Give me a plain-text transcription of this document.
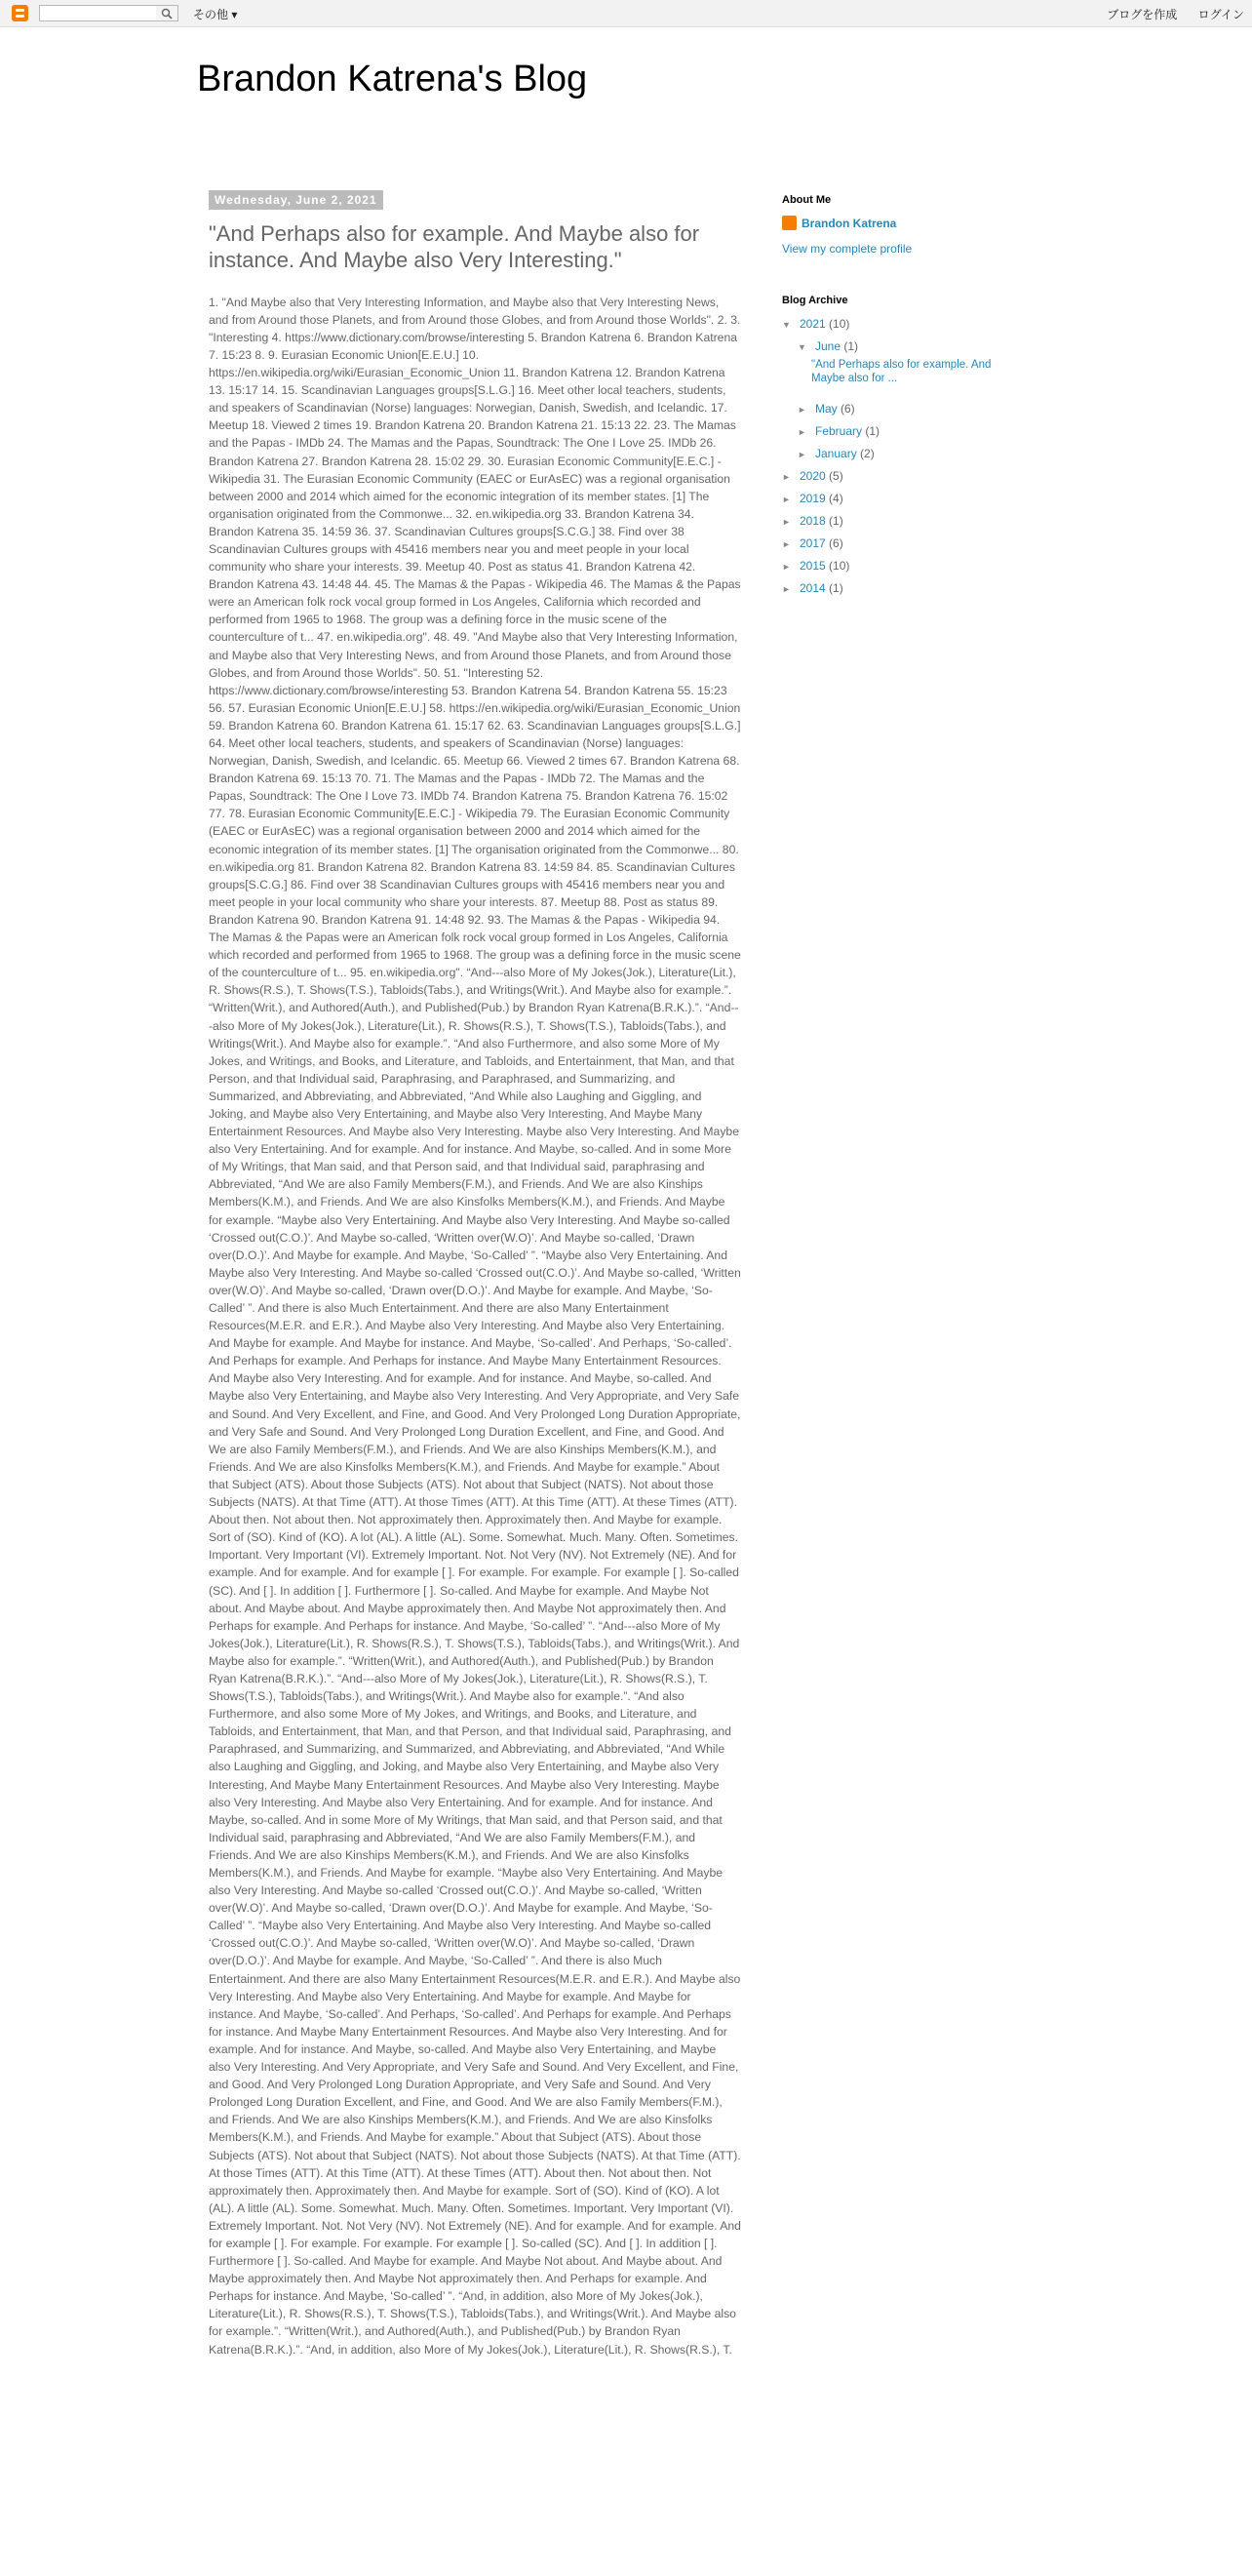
その他 ▾	ブログを作成 ログイン
Brandon Katrena's Blog
Wednesday, June 2, 2021
"And Perhaps also for example. And Maybe also for instance. And Maybe also Very Interesting."
1. "And Maybe also that Very Interesting Information, and Maybe also that Very Interesting News, and from Around those Planets, and from Around those Globes, and from Around those Worlds". 2. 3. "Interesting 4. https://www.dictionary.com/browse/interesting 5. Brandon Katrena 6. Brandon Katrena 7. 15:23 8. 9. Eurasian Economic Union[E.E.U.] 10. https://en.wikipedia.org/wiki/Eurasian_Economic_Union 11. Brandon Katrena 12. Brandon Katrena 13. 15:17 14. 15. Scandinavian Languages groups[S.L.G.] 16. Meet other local teachers, students, and speakers of Scandinavian (Norse) languages: Norwegian, Danish, Swedish, and Icelandic. 17. Meetup 18. Viewed 2 times 19. Brandon Katrena 20. Brandon Katrena 21. 15:13 22. 23. The Mamas and the Papas - IMDb 24. The Mamas and the Papas, Soundtrack: The One I Love 25. IMDb 26. Brandon Katrena 27. Brandon Katrena 28. 15:02 29. 30. Eurasian Economic Community[E.E.C.] - Wikipedia 31. The Eurasian Economic Community (EAEC or EurAsEC) was a regional organisation between 2000 and 2014 which aimed for the economic integration of its member states. [1] The organisation originated from the Commonwe... 32. en.wikipedia.org 33. Brandon Katrena 34. Brandon Katrena 35. 14:59 36. 37. Scandinavian Cultures groups[S.C.G.] 38. Find over 38 Scandinavian Cultures groups with 45416 members near you and meet people in your local community who share your interests. 39. Meetup 40. Post as status 41. Brandon Katrena 42. Brandon Katrena 43. 14:48 44. 45. The Mamas & the Papas - Wikipedia 46. The Mamas & the Papas were an American folk rock vocal group formed in Los Angeles, California which recorded and performed from 1965 to 1968. The group was a defining force in the music scene of the counterculture of t... 47. en.wikipedia.org". 48. 49. "And Maybe also that Very Interesting Information, and Maybe also that Very Interesting News, and from Around those Planets, and from Around those Globes, and from Around those Worlds". 50. 51. "Interesting 52. https://www.dictionary.com/browse/interesting 53. Brandon Katrena 54. Brandon Katrena 55. 15:23 56. 57. Eurasian Economic Union[E.E.U.] 58. https://en.wikipedia.org/wiki/Eurasian_Economic_Union 59. Brandon Katrena 60. Brandon Katrena 61. 15:17 62. 63. Scandinavian Languages groups[S.L.G.] 64. Meet other local teachers, students, and speakers of Scandinavian (Norse) languages: Norwegian, Danish, Swedish, and Icelandic. 65. Meetup 66. Viewed 2 times 67. Brandon Katrena 68. Brandon Katrena 69. 15:13 70. 71. The Mamas and the Papas - IMDb 72. The Mamas and the Papas, Soundtrack: The One I Love 73. IMDb 74. Brandon Katrena 75. Brandon Katrena 76. 15:02 77. 78. Eurasian Economic Community[E.E.C.] - Wikipedia 79. The Eurasian Economic Community (EAEC or EurAsEC) was a regional organisation between 2000 and 2014 which aimed for the economic integration of its member states. [1] The organisation originated from the Commonwe... 80. en.wikipedia.org 81. Brandon Katrena 82. Brandon Katrena 83. 14:59 84. 85. Scandinavian Cultures groups[S.C.G.] 86. Find over 38 Scandinavian Cultures groups with 45416 members near you and meet people in your local community who share your interests. 87. Meetup 88. Post as status 89. Brandon Katrena 90. Brandon Katrena 91. 14:48 92. 93. The Mamas & the Papas - Wikipedia 94. The Mamas & the Papas were an American folk rock vocal group formed in Los Angeles, California which recorded and performed from 1965 to 1968. The group was a defining force in the music scene of the counterculture of t... 95. en.wikipedia.org". “And---also More of My Jokes(Jok.), Literature(Lit.), R. Shows(R.S.), T. Shows(T.S.), Tabloids(Tabs.), and Writings(Writ.). And Maybe also for example.”. “Written(Writ.), and Authored(Auth.), and Published(Pub.) by Brandon Ryan Katrena(B.R.K.).”. “And---also More of My Jokes(Jok.), Literature(Lit.), R. Shows(R.S.), T. Shows(T.S.), Tabloids(Tabs.), and Writings(Writ.). And Maybe also for example.”. “And also Furthermore, and also some More of My Jokes, and Writings, and Books, and Literature, and Tabloids, and Entertainment, that Man, and that Person, and that Individual said, Paraphrasing, and Paraphrased, and Summarizing, and Summarized, and Abbreviating, and Abbreviated, “And While also Laughing and Giggling, and Joking, and Maybe also Very Entertaining, and Maybe also Very Interesting, And Maybe Many Entertainment Resources. And Maybe also Very Interesting. Maybe also Very Interesting. And Maybe also Very Entertaining. And for example. And for instance. And Maybe, so-called. And in some More of My Writings, that Man said, and that Person said, and that Individual said, paraphrasing and Abbreviated, “And We are also Family Members(F.M.), and Friends. And We are also Kinships Members(K.M.), and Friends. And We are also Kinsfolks Members(K.M.), and Friends. And Maybe for example. “Maybe also Very Entertaining. And Maybe also Very Interesting. And Maybe so-called ‘Crossed out(C.O.)’. And Maybe so-called, ‘Written over(W.O)’. And Maybe so-called, ‘Drawn over(D.O.)’. And Maybe for example. And Maybe, ‘So-Called’ ”. “Maybe also Very Entertaining. And Maybe also Very Interesting. And Maybe so-called ‘Crossed out(C.O.)’. And Maybe so-called, ‘Written over(W.O)’. And Maybe so-called, ‘Drawn over(D.O.)’. And Maybe for example. And Maybe, ‘So-Called’ ”. And there is also Much Entertainment. And there are also Many Entertainment Resources(M.E.R. and E.R.). And Maybe also Very Interesting. And Maybe also Very Entertaining. And Maybe for example. And Maybe for instance. And Maybe, ‘So-called’. And Perhaps, ‘So-called’. And Perhaps for example. And Perhaps for instance. And Maybe Many Entertainment Resources. And Maybe also Very Interesting. And for example. And for instance. And Maybe, so-called. And Maybe also Very Entertaining, and Maybe also Very Interesting. And Very Appropriate, and Very Safe and Sound. And Very Excellent, and Fine, and Good. And Very Prolonged Long Duration Appropriate, and Very Safe and Sound. And Very Prolonged Long Duration Excellent, and Fine, and Good. And We are also Family Members(F.M.), and Friends. And We are also Kinships Members(K.M.), and Friends. And We are also Kinsfolks Members(K.M.), and Friends. And Maybe for example.” About that Subject (ATS). About those Subjects (ATS). Not about that Subject (NATS). Not about those Subjects (NATS). At that Time (ATT). At those Times (ATT). At this Time (ATT). At these Times (ATT). About then. Not about then. Not approximately then. Approximately then. And Maybe for example. Sort of (SO). Kind of (KO). A lot (AL). A little (AL). Some. Somewhat. Much. Many. Often. Sometimes. Important. Very Important (VI). Extremely Important. Not. Not Very (NV). Not Extremely (NE). And for example. And for example. And for example [ ]. For example. For example. For example [ ]. So-called (SC). And [ ]. In addition [ ]. Furthermore [ ]. So-called. And Maybe for example. And Maybe Not about. And Maybe about. And Maybe approximately then. And Maybe Not approximately then. And Perhaps for example. And Perhaps for instance. And Maybe, ‘So-called’ ”. “And---also More of My Jokes(Jok.), Literature(Lit.), R. Shows(R.S.), T. Shows(T.S.), Tabloids(Tabs.), and Writings(Writ.). And Maybe also for example.”. “Written(Writ.), and Authored(Auth.), and Published(Pub.) by Brandon Ryan Katrena(B.R.K.).”. “And---also More of My Jokes(Jok.), Literature(Lit.), R. Shows(R.S.), T. Shows(T.S.), Tabloids(Tabs.), and Writings(Writ.). And Maybe also for example.”. “And also Furthermore, and also some More of My Jokes, and Writings, and Books, and Literature, and Tabloids, and Entertainment, that Man, and that Person, and that Individual said, Paraphrasing, and Paraphrased, and Summarizing, and Summarized, and Abbreviating, and Abbreviated, “And While also Laughing and Giggling, and Joking, and Maybe also Very Entertaining, and Maybe also Very Interesting, And Maybe Many Entertainment Resources. And Maybe also Very Interesting. Maybe also Very Interesting. And Maybe also Very Entertaining. And for example. And for instance. And Maybe, so-called. And in some More of My Writings, that Man said, and that Person said, and that Individual said, paraphrasing and Abbreviated, “And We are also Family Members(F.M.), and Friends. And We are also Kinships Members(K.M.), and Friends. And We are also Kinsfolks Members(K.M.), and Friends. And Maybe for example. “Maybe also Very Entertaining. And Maybe also Very Interesting. And Maybe so-called ‘Crossed out(C.O.)’. And Maybe so-called, ‘Written over(W.O)’. And Maybe so-called, ‘Drawn over(D.O.)’. And Maybe for example. And Maybe, ‘So-Called’ ”. “Maybe also Very Entertaining. And Maybe also Very Interesting. And Maybe so-called ‘Crossed out(C.O.)’. And Maybe so-called, ‘Written over(W.O)’. And Maybe so-called, ‘Drawn over(D.O.)’. And Maybe for example. And Maybe, ‘So-Called’ ”. And there is also Much Entertainment. And there are also Many Entertainment Resources(M.E.R. and E.R.). And Maybe also Very Interesting. And Maybe also Very Entertaining. And Maybe for example. And Maybe for instance. And Maybe, ‘So-called’. And Perhaps, ‘So-called’. And Perhaps for example. And Perhaps for instance. And Maybe Many Entertainment Resources. And Maybe also Very Interesting. And for example. And for instance. And Maybe, so-called. And Maybe also Very Entertaining, and Maybe also Very Interesting. And Very Appropriate, and Very Safe and Sound. And Very Excellent, and Fine, and Good. And Very Prolonged Long Duration Appropriate, and Very Safe and Sound. And Very Prolonged Long Duration Excellent, and Fine, and Good. And We are also Family Members(F.M.), and Friends. And We are also Kinships Members(K.M.), and Friends. And We are also Kinsfolks Members(K.M.), and Friends. And Maybe for example.” About that Subject (ATS). About those Subjects (ATS). Not about that Subject (NATS). Not about those Subjects (NATS). At that Time (ATT). At those Times (ATT). At this Time (ATT). At these Times (ATT). About then. Not about then. Not approximately then. Approximately then. And Maybe for example. Sort of (SO). Kind of (KO). A lot (AL). A little (AL). Some. Somewhat. Much. Many. Often. Sometimes. Important. Very Important (VI). Extremely Important. Not. Not Very (NV). Not Extremely (NE). And for example. And for example. And for example [ ]. For example. For example. For example [ ]. So-called (SC). And [ ]. In addition [ ]. Furthermore [ ]. So-called. And Maybe for example. And Maybe Not about. And Maybe about. And Maybe approximately then. And Maybe Not approximately then. And Perhaps for example. And Perhaps for instance. And Maybe, ‘So-called’ ”. “And, in addition, also More of My Jokes(Jok.), Literature(Lit.), R. Shows(R.S.), T. Shows(T.S.), Tabloids(Tabs.), and Writings(Writ.). And Maybe also for example.”. “Written(Writ.), and Authored(Auth.), and Published(Pub.) by Brandon Ryan Katrena(B.R.K.).”. “And, in addition, also More of My Jokes(Jok.), Literature(Lit.), R. Shows(R.S.), T.
About Me
Brandon Katrena
View my complete profile
Blog Archive
▼ 2021 (10)
▼ June (1)
"And Perhaps also for example. And Maybe also for ...
► May (6)
► February (1)
► January (2)
► 2020 (5)
► 2019 (4)
► 2018 (1)
► 2017 (6)
► 2015 (10)
► 2014 (1)
